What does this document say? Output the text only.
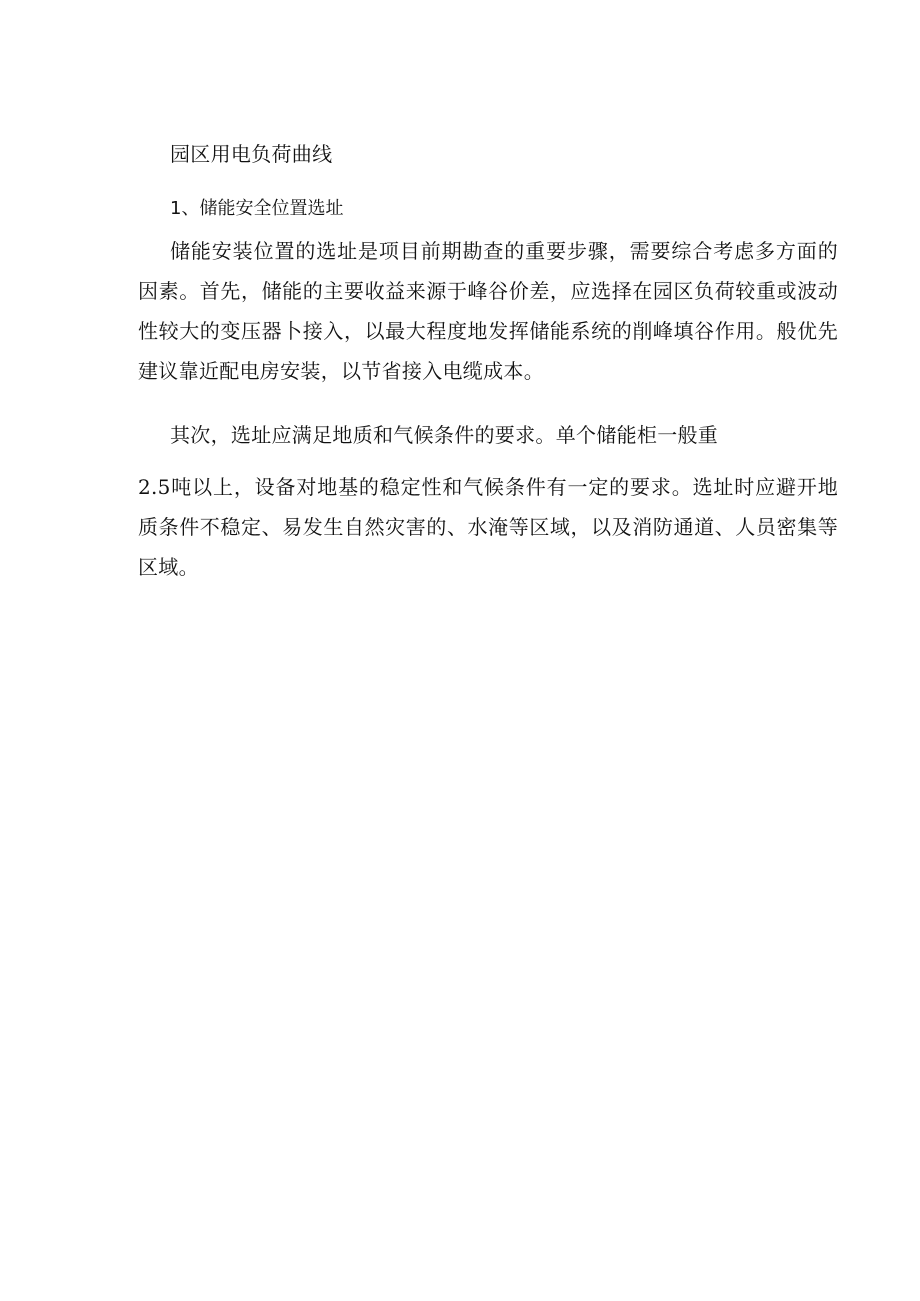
园区用电负荷曲线

1、储能安全位置选址

储能安装位置的选址是项目前期勘查的重要步骤，需要综合考虑多方面的因素。首先，储能的主要收益来源于峰谷价差，应选择在园区负荷较重或波动性较大的变压器卜接入，以最大程度地发挥储能系统的削峰填谷作用。般优先建议靠近配电房安装，以节省接入电缆成本。

其次，选址应满足地质和气候条件的要求。单个储能柜一般重

2.5吨以上，设备对地基的稳定性和气候条件有一定的要求。选址时应避开地质条件不稳定、易发生自然灾害的、水淹等区域，以及消防通道、人员密集等区域。
